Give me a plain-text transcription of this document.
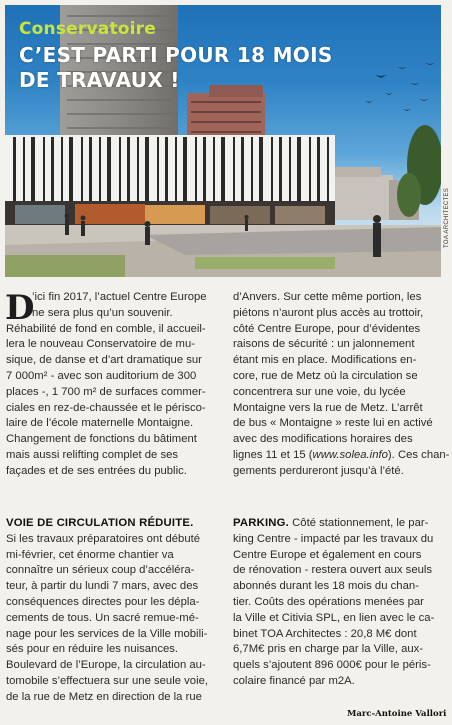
Conservatoire
C’EST PARTI POUR 18 MOIS
DE TRAVAUX !
TOA ARCHITECTES
D
’ici fin 2017, l’actuel Centre Europe
ne sera plus qu’un souvenir.
Réhabilité de fond en comble, il accueil-
lera le nouveau Conservatoire de mu-
sique, de danse et d’art dramatique sur
7 000m² - avec son auditorium de 300
places -, 1 700 m² de surfaces commer-
ciales en rez-de-chaussée et le périsco-
laire de l’école maternelle Montaigne.
Changement de fonctions du bâtiment
mais aussi relifting complet de ses
façades et de ses entrées du public.
VOIE DE CIRCULATION RÉDUITE.
Si les travaux préparatoires ont débuté
mi-février, cet énorme chantier va
connaître un sérieux coup d’accéléra-
teur, à partir du lundi 7 mars, avec des
conséquences directes pour les dépla-
cements de tous. Un sacré remue-mé-
nage pour les services de la Ville mobili-
sés pour en réduire les nuisances.
Boulevard de l’Europe, la circulation au-
tomobile s’effectuera sur une seule voie,
de la rue de Metz en direction de la rue
d’Anvers. Sur cette même portion, les
piétons n’auront plus accès au trottoir,
côté Centre Europe, pour d’évidentes
raisons de sécurité : un jalonnement
étant mis en place. Modifications en-
core, rue de Metz où la circulation se
concentrera sur une voie, du lycée
Montaigne vers la rue de Metz. L’arrêt
de bus « Montaigne » reste lui en activé
avec des modifications horaires des
lignes 11 et 15 (www.solea.info). Ces chan-
gements perdureront jusqu’à l’été.
PARKING. Côté stationnement, le par-
king Centre - impacté par les travaux du
Centre Europe et également en cours
de rénovation - restera ouvert aux seuls
abonnés durant les 18 mois du chan-
tier. Coûts des opérations menées par
la Ville et Citivia SPL, en lien avec le ca-
binet TOA Architectes : 20,8 M€ dont
6,7M€ pris en charge par la Ville, aux-
quels s’ajoutent 896 000€ pour le péris-
colaire financé par m2A.
Marc-Antoine Vallori
